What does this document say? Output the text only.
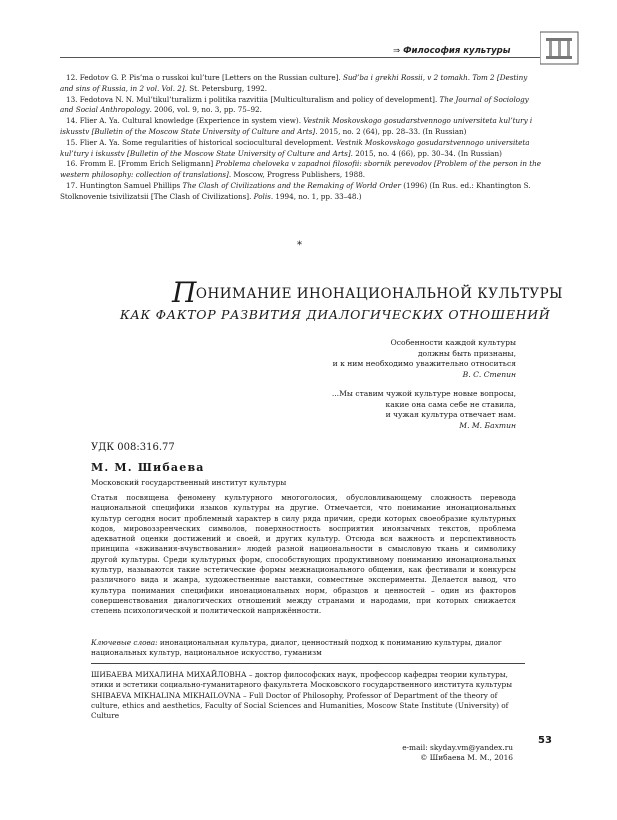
⇒ Философия культуры

12. Fedotov G. P. Pis’ma o russkoi kul’ture [Letters on the Russian culture]. Sud’ba i grekhi Rossii, v 2 tomakh. Tom 2 [Destiny and sins of Russia, in 2 vol. Vol. 2]. St. Petersburg, 1992.

13. Fedotova N. N. Mul’tikul’turalizm i politika razvitiia [Multiculturalism and policy of development]. The Journal of Sociology and Social Anthropology. 2006, vol. 9, no. 3, pp. 75–92.

14. Flier A. Ya. Cultural knowledge (Experience in system view). Vestnik Moskovskogo gosudarstvennogo universiteta kul’tury i iskusstv [Bulletin of the Moscow State University of Culture and Arts]. 2015, no. 2 (64), pp. 28–33. (In Russian)

15. Flier A. Ya. Some regularities of historical sociocultural development. Vestnik Moskovskogo gosudarstvennogo universiteta kul’tury i iskusstv [Bulletin of the Moscow State University of Culture and Arts]. 2015, no. 4 (66), pp. 30–34. (In Russian)

16. Fromm E. [Fromm Erich Seligmann] Problema cheloveka v zapadnoi filosofii: sbornik perevodov [Problem of the person in the western philosophy: collection of translations]. Moscow, Progress Publishers, 1988.

17. Huntington Samuel Phillips The Clash of Civilizations and the Remaking of World Order (1996) (In Rus. ed.: Khantington S. Stolknovenie tsivilizatsii [The Clash of Civilizations]. Polis. 1994, no. 1, pp. 33–48.)

*
ПОНИМАНИЕ ИНОНАЦИОНАЛЬНОЙ КУЛЬТУРЫ
КАК ФАКТОР РАЗВИТИЯ ДИАЛОГИЧЕСКИХ ОТНОШЕНИЙ
Особенности каждой культуры
должны быть признаны,
и к ним необходимо уважительно относиться
В. С. Степин
...Мы ставим чужой культуре новые вопросы,
какие она сама себе не ставила,
и чужая культура отвечает нам.
М. М. Бахтин
УДК 008:316.77
М. М. Шибаева
Московский государственный институт культуры

Статья посвящена феномену культурного многоголосия, обусловливающему сложность перевода национальной специфики языков культуры на другие. Отмечается, что понимание инонациональных культур сегодня носит проблемный характер в силу ряда причин, среди которых своеобразие культурных кодов, мировоззренческих символов, поверхностность восприятия иноязычных текстов, проблема адекватной оценки достижений и своей, и других культур. Отсюда вся важность и перспективность принципа «вживания-вчувствования» людей разной национальности в смысловую ткань и символику другой культуры. Среди культурных форм, способствующих продуктивному пониманию инонациональных культур, называются такие эстетические формы межнационального общения, как фестивали и конкурсы различного вида и жанра, художественные выставки, совместные эксперименты. Делается вывод, что культура понимания специфики инонациональных норм, образцов и ценностей – один из факторов совершенствования диалогических отношений между странами и народами, при которых снижается степень психологической и политической напряжённости.

Ключевые слова: инонациональная культура, диалог, ценностный подход к пониманию культуры, диалог национальных культур, национальное искусство, гуманизм

ШИБАЕВА МИХАЛИНА МИХАЙЛОВНА – доктор философских наук, профессор кафедры теории культуры, этики и эстетики социально-гуманитарного факультета Московского государственного института культуры

SHIBAEVA MIKHALINA MIKHAILOVNA – Full Doctor of Philosophy, Professor of Department of the theory of culture, ethics and aesthetics, Faculty of Social Sciences and Humanities, Moscow State Institute (University) of Culture

e-mail: skyday.vm@yandex.ru
© Шибаева М. М., 2016
53
